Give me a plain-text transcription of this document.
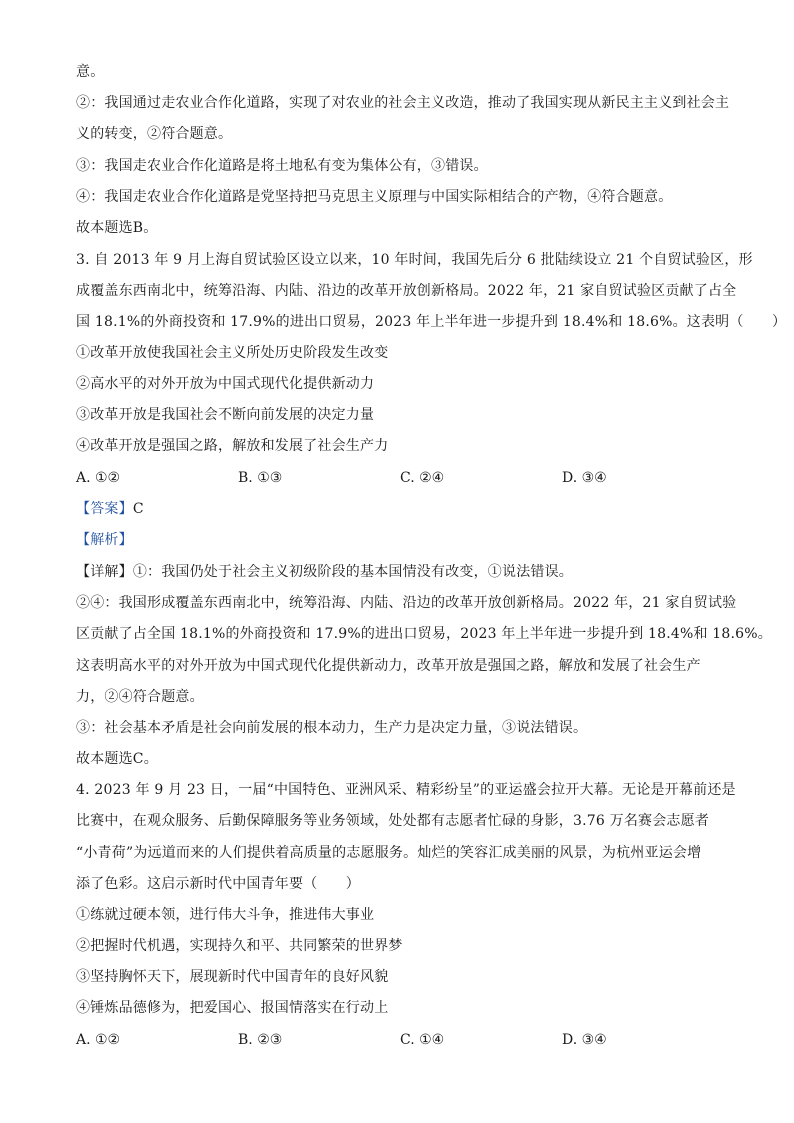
意。
②：我国通过走农业合作化道路，实现了对农业的社会主义改造，推动了我国实现从新民主主义到社会主
义的转变，②符合题意。
③：我国走农业合作化道路是将土地私有变为集体公有，③错误。
④：我国走农业合作化道路是党坚持把马克思主义原理与中国实际相结合的产物，④符合题意。
故本题选B。
3. 自 2013 年 9 月上海自贸试验区设立以来，10 年时间，我国先后分 6 批陆续设立 21 个自贸试验区，形
成覆盖东西南北中，统筹沿海、内陆、沿边的改革开放创新格局。2022 年，21 家自贸试验区贡献了占全
国 18.1%的外商投资和 17.9%的进出口贸易，2023 年上半年进一步提升到 18.4%和 18.6%。这表明（　　）
①改革开放使我国社会主义所处历史阶段发生改变
②高水平的对外开放为中国式现代化提供新动力
③改革开放是我国社会不断向前发展的决定力量
④改革开放是强国之路，解放和发展了社会生产力
A. ①②	B. ①③	C. ②④	D. ③④
【答案】C
【解析】
【详解】①：我国仍处于社会主义初级阶段的基本国情没有改变，①说法错误。
②④：我国形成覆盖东西南北中，统筹沿海、内陆、沿边的改革开放创新格局。2022 年，21 家自贸试验
区贡献了占全国 18.1%的外商投资和 17.9%的进出口贸易，2023 年上半年进一步提升到 18.4%和 18.6%。
这表明高水平的对外开放为中国式现代化提供新动力，改革开放是强国之路，解放和发展了社会生产
力，②④符合题意。
③：社会基本矛盾是社会向前发展的根本动力，生产力是决定力量，③说法错误。
故本题选C。
4. 2023 年 9 月 23 日，一届“中国特色、亚洲风采、精彩纷呈”的亚运盛会拉开大幕。无论是开幕前还是
比赛中，在观众服务、后勤保障服务等业务领域，处处都有志愿者忙碌的身影，3.76 万名赛会志愿者
“小青荷”为远道而来的人们提供着高质量的志愿服务。灿烂的笑容汇成美丽的风景，为杭州亚运会增
添了色彩。这启示新时代中国青年要（　　）
①练就过硬本领，进行伟大斗争，推进伟大事业
②把握时代机遇，实现持久和平、共同繁荣的世界梦
③坚持胸怀天下，展现新时代中国青年的良好风貌
④锤炼品德修为，把爱国心、报国情落实在行动上
A. ①②	B. ②③	C. ①④	D. ③④
